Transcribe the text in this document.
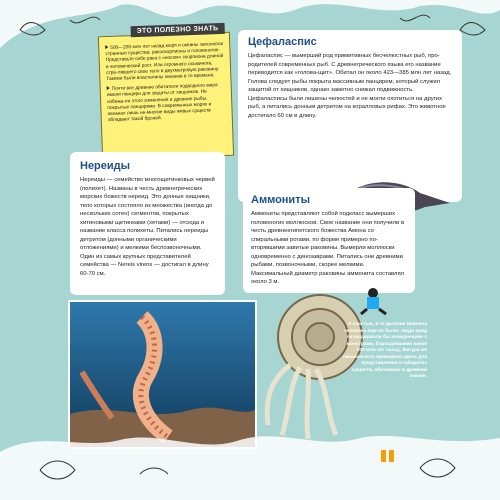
ЭТО ПОЛЕЗНО ЗНАТЬ
500—200 млн лет назад моря и океаны заполняли странные существа: ракоскорпионы и головоногие. Представьте себе рака с «носом» скорпиона длиной в человеческий рост. Или огромного осьминога, стре-лявшего свое тело в двухметровую раковину. Такими были властелины океанов в те времена.
Почти все древние обитатели подводного мира имели панцири для защиты от хищников. Не избежа-ли этого изменения и древние рыбы, покрытые панцирями. В современных морях и океанах лишь не-многие виды живых существ обладают такой броней.
Цефаласпис

Цефаласпис — вымерший род примитивных бесчелюстных рыб, про-родителей современных рыб. С древнегреческого языка его название переводится как «голова-щит». Обитал он около 423—385 млн лет назад. Голова следует рыбы покрыта массивным панцирем, который служил защитой от хищников, однако заметно снижал подвижность. Цефаласписы были лишены челюстей и не могли охотиться на других рыб, а питались донным детритом на коралловых рифах. Это животное достигало 60 см в длину.

Нереиды

Нереиды — семейство многощетинковых червей (полихет). Названы в честь древнегреческих морских божеств нереид. Это донные хищники, тело которых состояло из множества (иногда до нескольких сотен) сегментов, покрытых хитиновыми щетинками (хетами) — отсюда и название класса полихеты. Питались нереиды детритом (донными органическими отложениями) и мелкими беспозвоночными. Один из самых крупных представителей семейства — Nereis virens — достигал в длину 60-70 см.

Аммониты

Аммониты представляют собой подкласс вымерших головоногих моллюсков. Свое название они получили в честь древнеегипетского божества Амона со спиральными рогами, по форме примерно по-вторявшими завитые раковины. Вымерли моллюски одновременно с динозаврами. Питались они древними рыбами, позвоночными, скорее мелкими. Максимальный диаметр раковины аммонита составлял около 3 м.

К счастью, в те далекие времена человека еще не было: люди вряд ли выдержали бы конкуренцию с монстрами, бороздившими океан 200 млн лет назад. Фигура же аквалангиста приведена здесь для представления о габаритах существ, обитавших в древнем океане.
